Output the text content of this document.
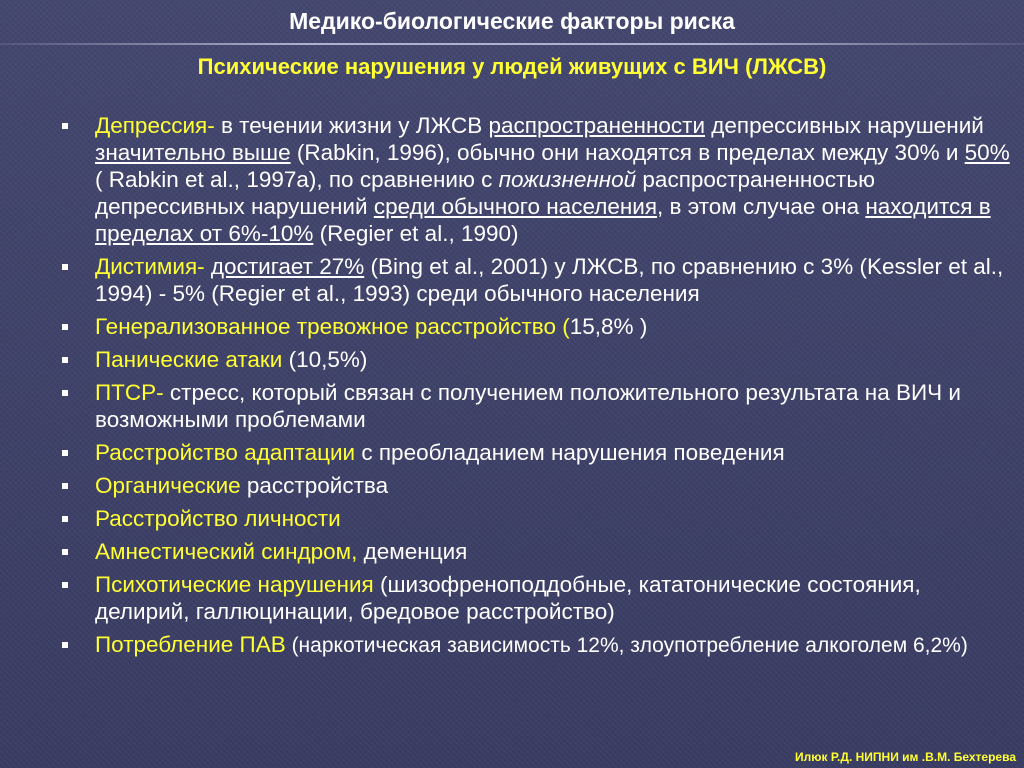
Медико-биологические факторы риска
Психические нарушения у людей живущих с ВИЧ (ЛЖСВ)
Депрессия- в течении жизни у ЛЖСВ распространенности депрессивных нарушений значительно выше (Rabkin, 1996), обычно они находятся в пределах между 30% и 50% ( Rabkin et al., 1997a), по сравнению с пожизненной распространенностью депрессивных нарушений среди обычного населения, в этом случае она находится в пределах от 6%-10% (Regier et al., 1990)
Дистимия- достигает 27% (Bing et al., 2001) у ЛЖСВ, по сравнению с 3% (Kessler et al., 1994) - 5% (Regier et al., 1993) среди обычного населения
Генерализованное тревожное расстройство (15,8% )
Панические атаки (10,5%)
ПТСР- стресс, который связан с получением положительного результата на ВИЧ и возможными проблемами
Расстройство адаптации с преобладанием нарушения поведения
Органические расстройства
Расстройство личности
Амнестический синдром, деменция
Психотические нарушения (шизофреноподдобные, кататонические состояния, делирий, галлюцинации, бредовое расстройство)
Потребление ПАВ (наркотическая зависимость 12%, злоупотребление алкоголем 6,2%)
Илюк Р.Д. НИПНИ им .В.М. Бехтерева
